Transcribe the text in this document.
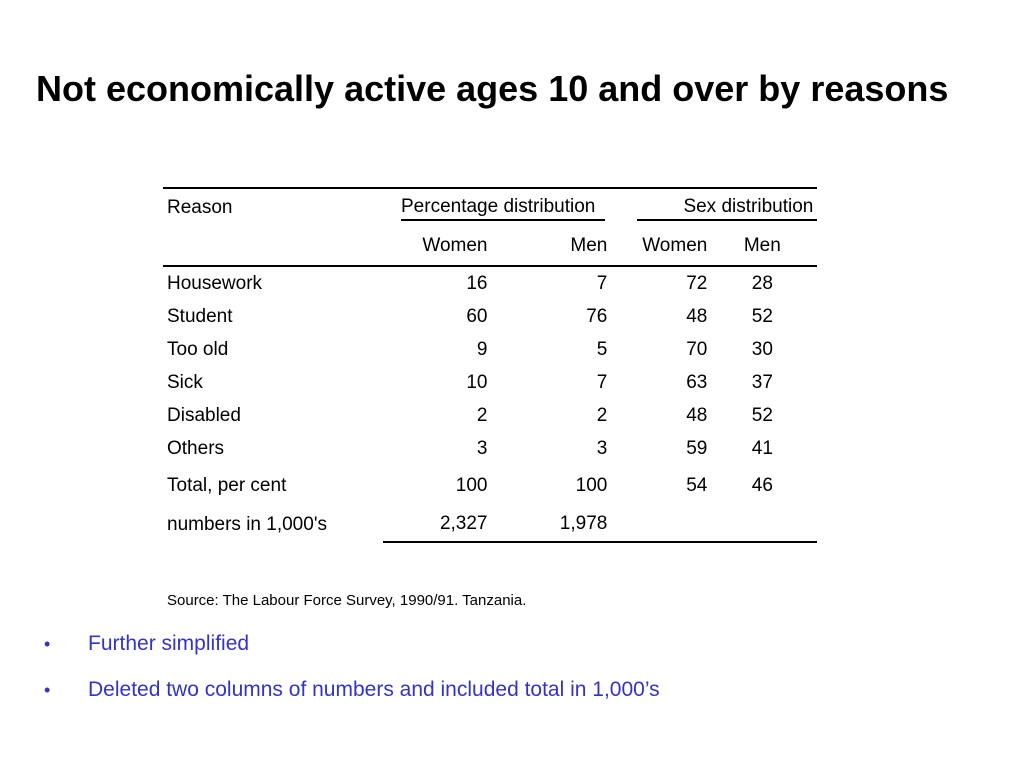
Not economically active ages 10 and over by reasons
Reason	Percentage distribution		Sex distribution	

	Women	Men	Women	Men
Housework	16	7	72	28
Student	60	76	48	52
Too old	9	5	70	30
Sick	10	7	63	37
Disabled	2	2	48	52
Others	3	3	59	41
Total, per cent	100	100	54	46
numbers in 1,000's	2,327	1,978		
Source: The Labour Force Survey, 1990/91. Tanzania.
•	Further simplified
•	Deleted two columns of numbers and included total in 1,000’s
